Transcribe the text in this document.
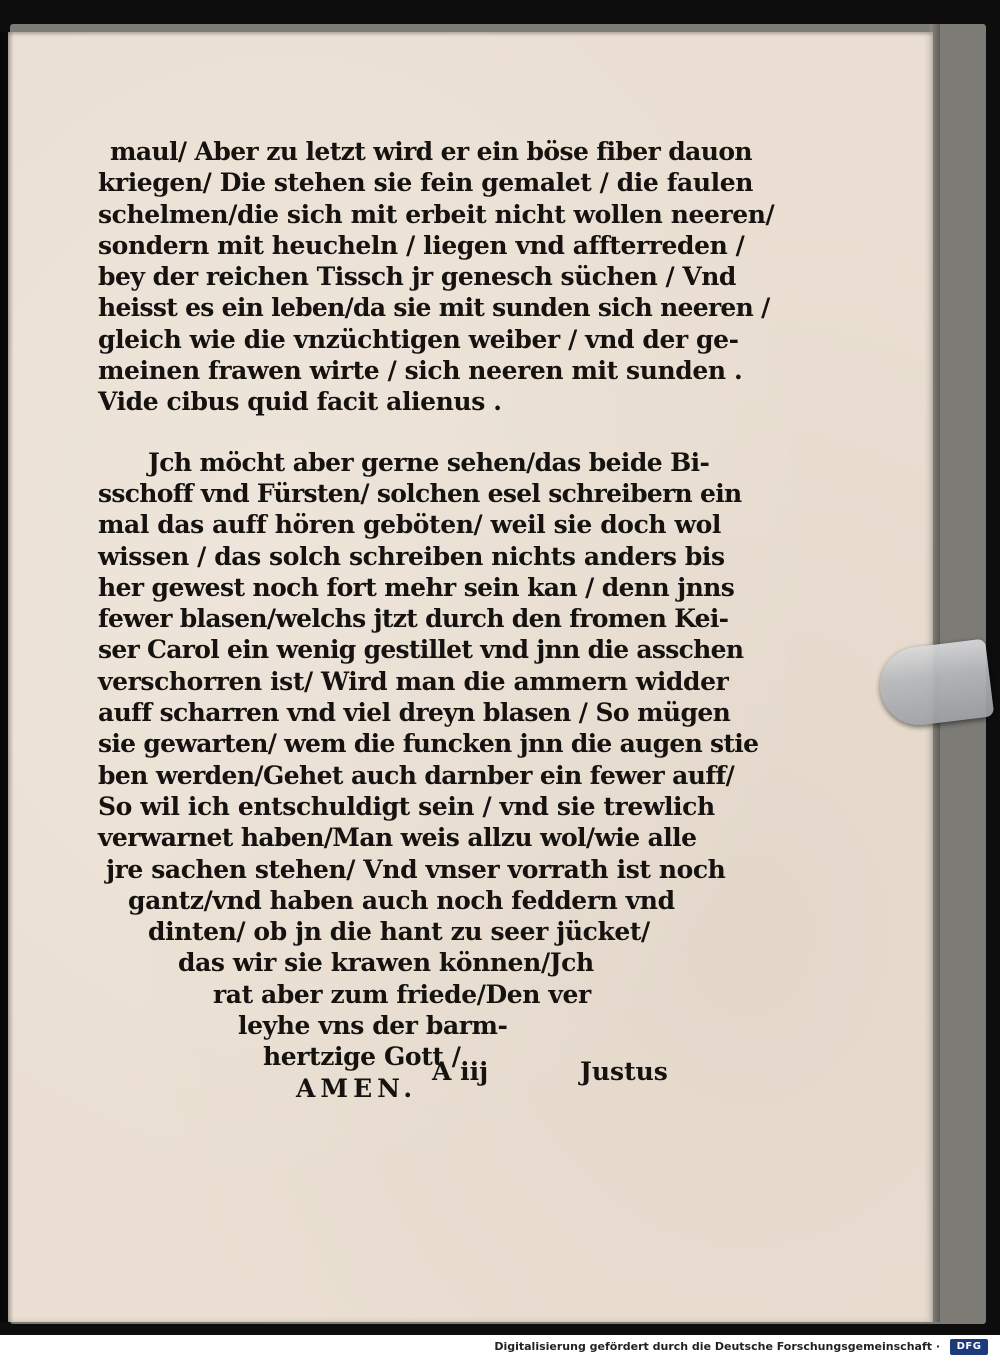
maul/ Aber zu letzt wird er ein böse fiber dauon
kriegen/ Die stehen sie fein gemalet / die faulen
schelmen/die sich mit erbeit nicht wollen neeren/
sondern mit heucheln / liegen vnd affterreden /
bey der reichen Tissch jr genesch süchen / Vnd
heisst es ein leben/da sie mit sunden sich neeren /
gleich wie die vnzüchtigen weiber / vnd der ge-
meinen frawen wirte / sich neeren mit sunden .
Vide cibus quid facit alienus .
Jch möcht aber gerne sehen/das beide Bi-
sschoff vnd Fürsten/ solchen esel schreibern ein
mal das auff hören geböten/ weil sie doch wol
wissen / das solch schreiben nichts anders bis
her gewest noch fort mehr sein kan / denn jnns
fewer blasen/welchs jtzt durch den fromen Kei-
ser Carol ein wenig gestillet vnd jnn die asschen
verschorren ist/ Wird man die ammern widder
auff scharren vnd viel dreyn blasen / So mügen
sie gewarten/ wem die funcken jnn die augen stie
ben werden/Gehet auch darnber ein fewer auff/
So wil ich entschuldigt sein / vnd sie trewlich
verwarnet haben/Man weis allzu wol/wie alle
jre sachen stehen/ Vnd vnser vorrath ist noch
gantz/vnd haben auch noch feddern vnd
dinten/ ob jn die hant zu seer jücket/
das wir sie krawen können/Jch
rat aber zum friede/Den ver
leyhe vns der barm-
hertzige Gott /
AMEN.
A iij	Justus
Digitalisierung gefördert durch die Deutsche Forschungsgemeinschaft ·	DFG
